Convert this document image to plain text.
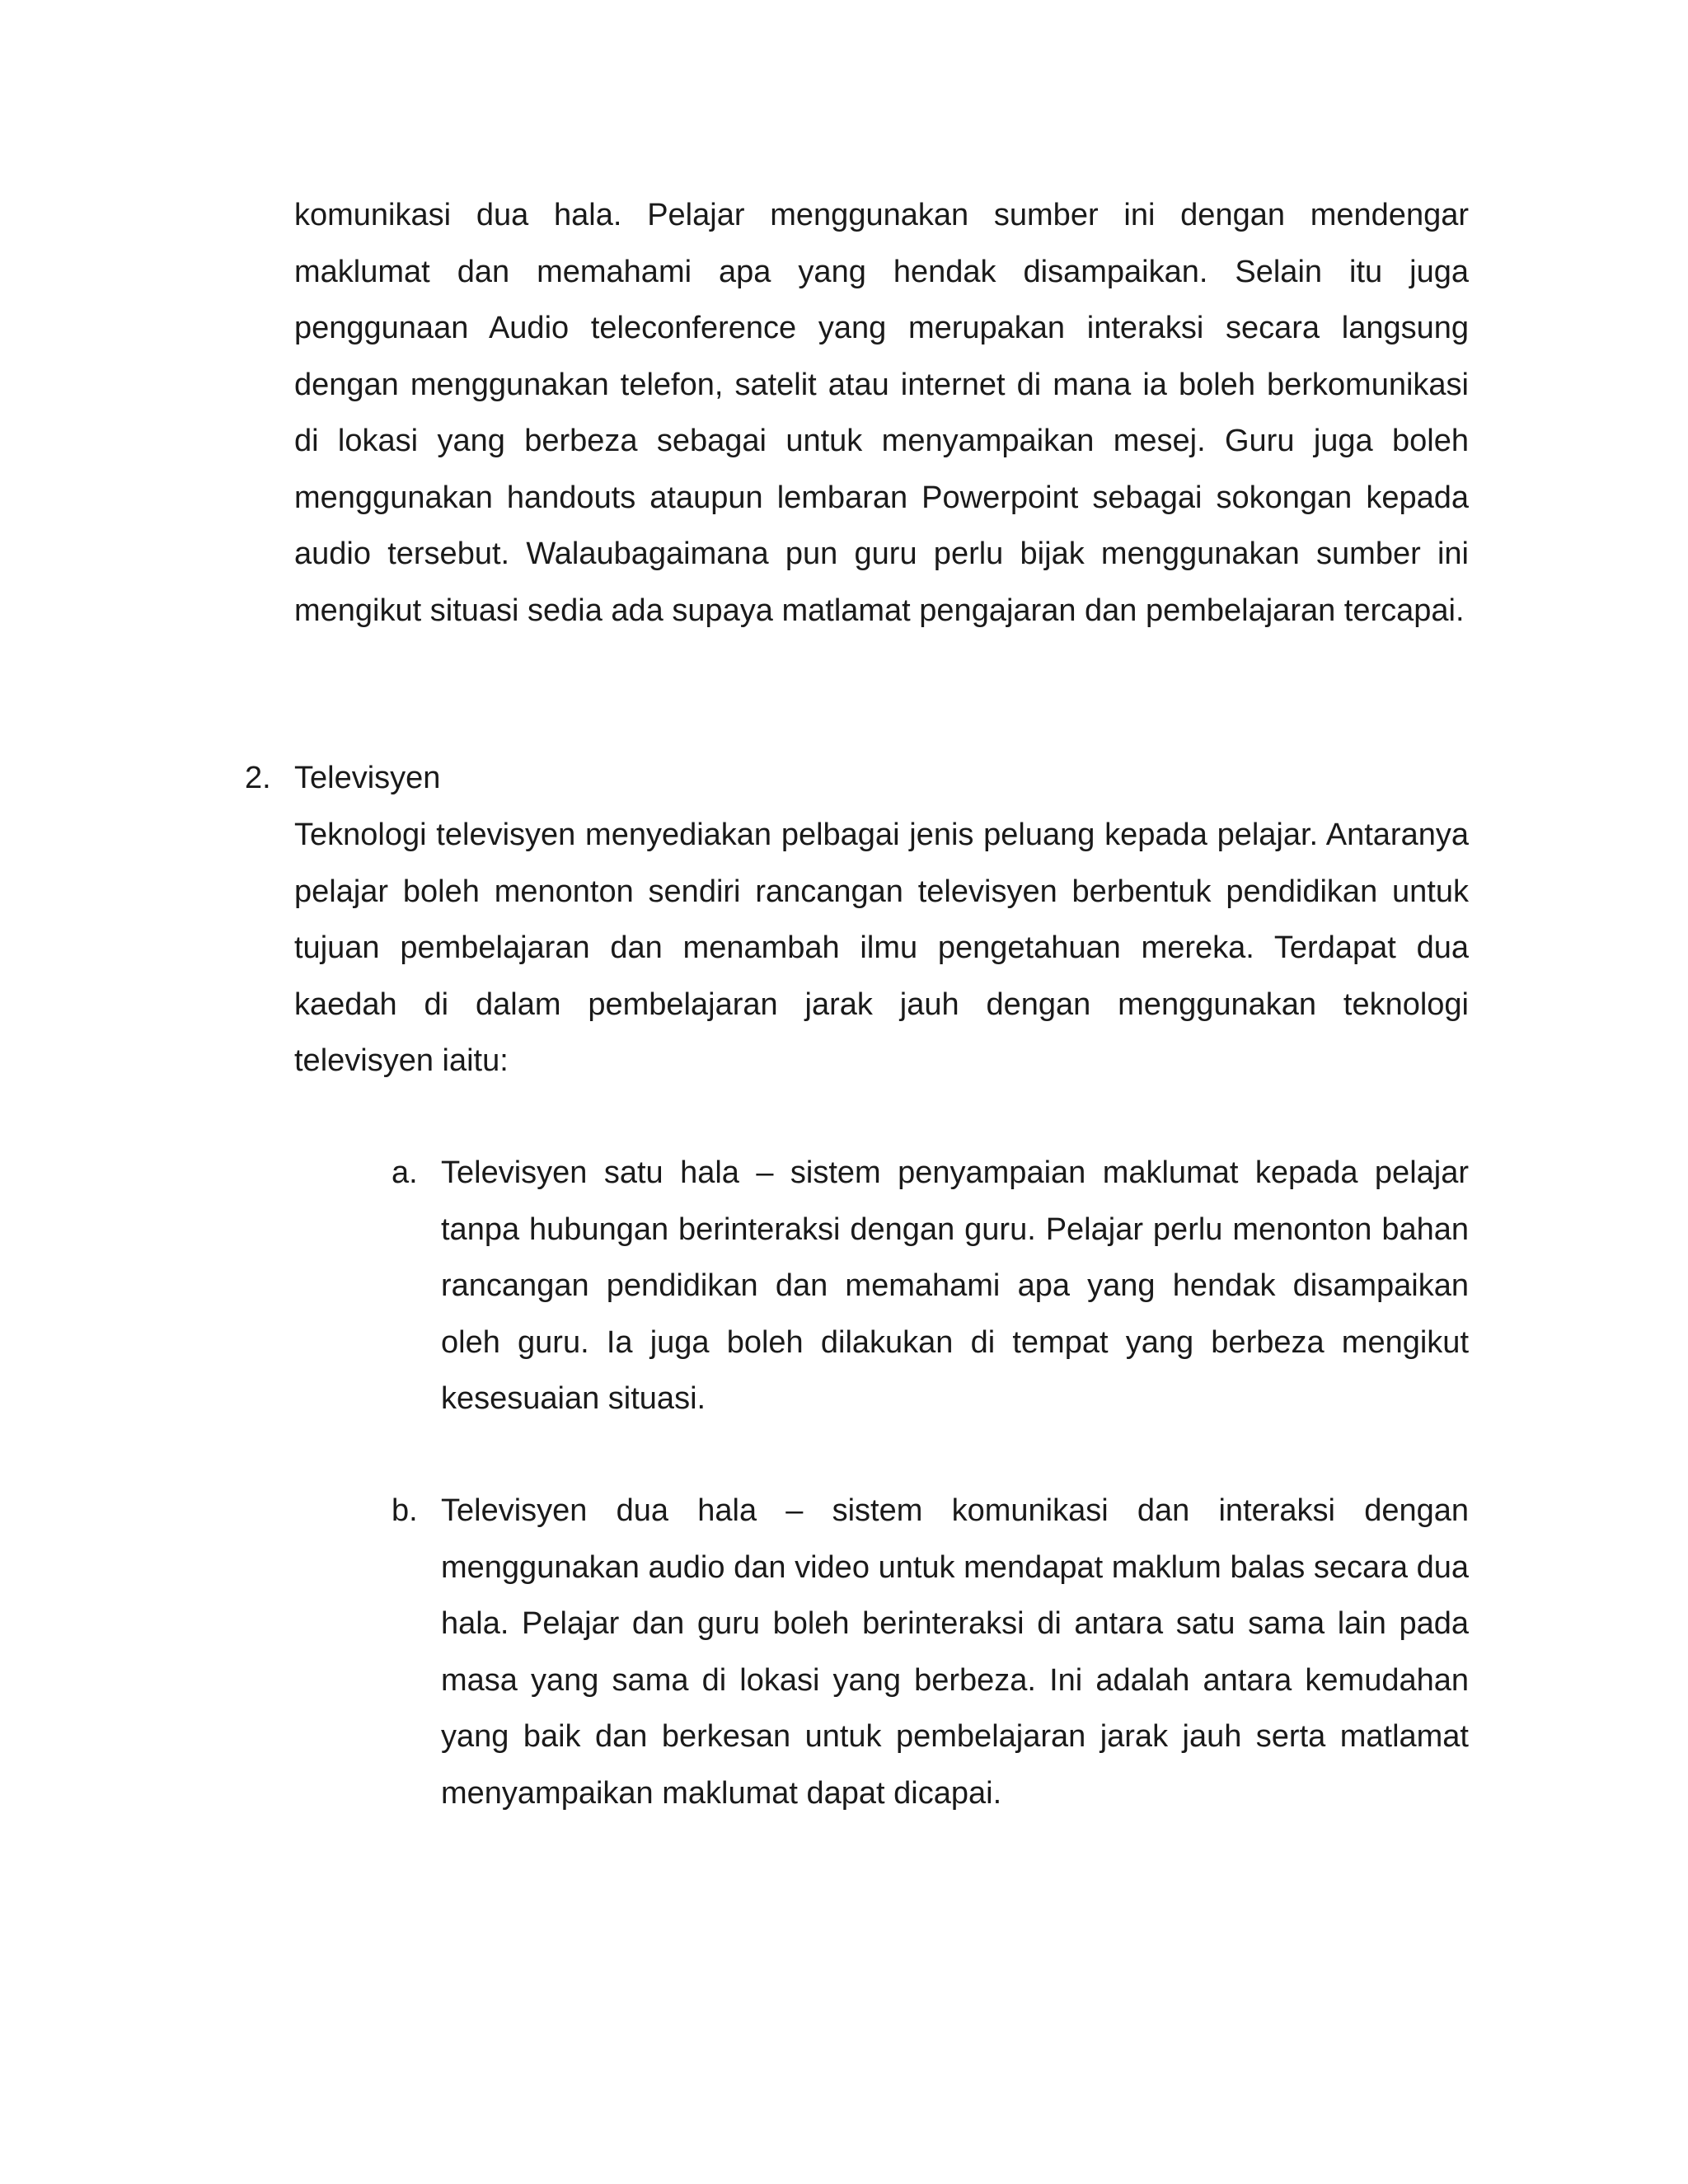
komunikasi dua hala. Pelajar menggunakan sumber ini dengan mendengar maklumat dan memahami apa yang hendak disampaikan. Selain itu juga penggunaan Audio teleconference yang merupakan interaksi secara langsung dengan menggunakan telefon, satelit atau internet di mana ia boleh berkomunikasi di lokasi yang berbeza sebagai untuk menyampaikan mesej. Guru juga boleh menggunakan handouts ataupun lembaran Powerpoint sebagai sokongan kepada audio tersebut. Walaubagaimana pun guru perlu bijak menggunakan sumber ini mengikut situasi sedia ada supaya matlamat pengajaran dan pembelajaran tercapai.

2. Televisyen

Teknologi televisyen menyediakan pelbagai jenis peluang kepada pelajar. Antaranya pelajar boleh menonton sendiri rancangan televisyen berbentuk pendidikan untuk tujuan pembelajaran dan menambah ilmu pengetahuan mereka. Terdapat dua kaedah di dalam pembelajaran jarak jauh dengan menggunakan teknologi televisyen iaitu:

a. Televisyen satu hala – sistem penyampaian maklumat kepada pelajar tanpa hubungan berinteraksi dengan guru. Pelajar perlu menonton bahan rancangan pendidikan dan memahami apa yang hendak disampaikan oleh guru. Ia juga boleh dilakukan di tempat yang berbeza mengikut kesesuaian situasi.

b. Televisyen dua hala – sistem komunikasi dan interaksi dengan menggunakan audio dan video untuk mendapat maklum balas secara dua hala. Pelajar dan guru boleh berinteraksi di antara satu sama lain pada masa yang sama di lokasi yang berbeza. Ini adalah antara kemudahan yang baik dan berkesan untuk pembelajaran jarak jauh serta matlamat menyampaikan maklumat dapat dicapai.
